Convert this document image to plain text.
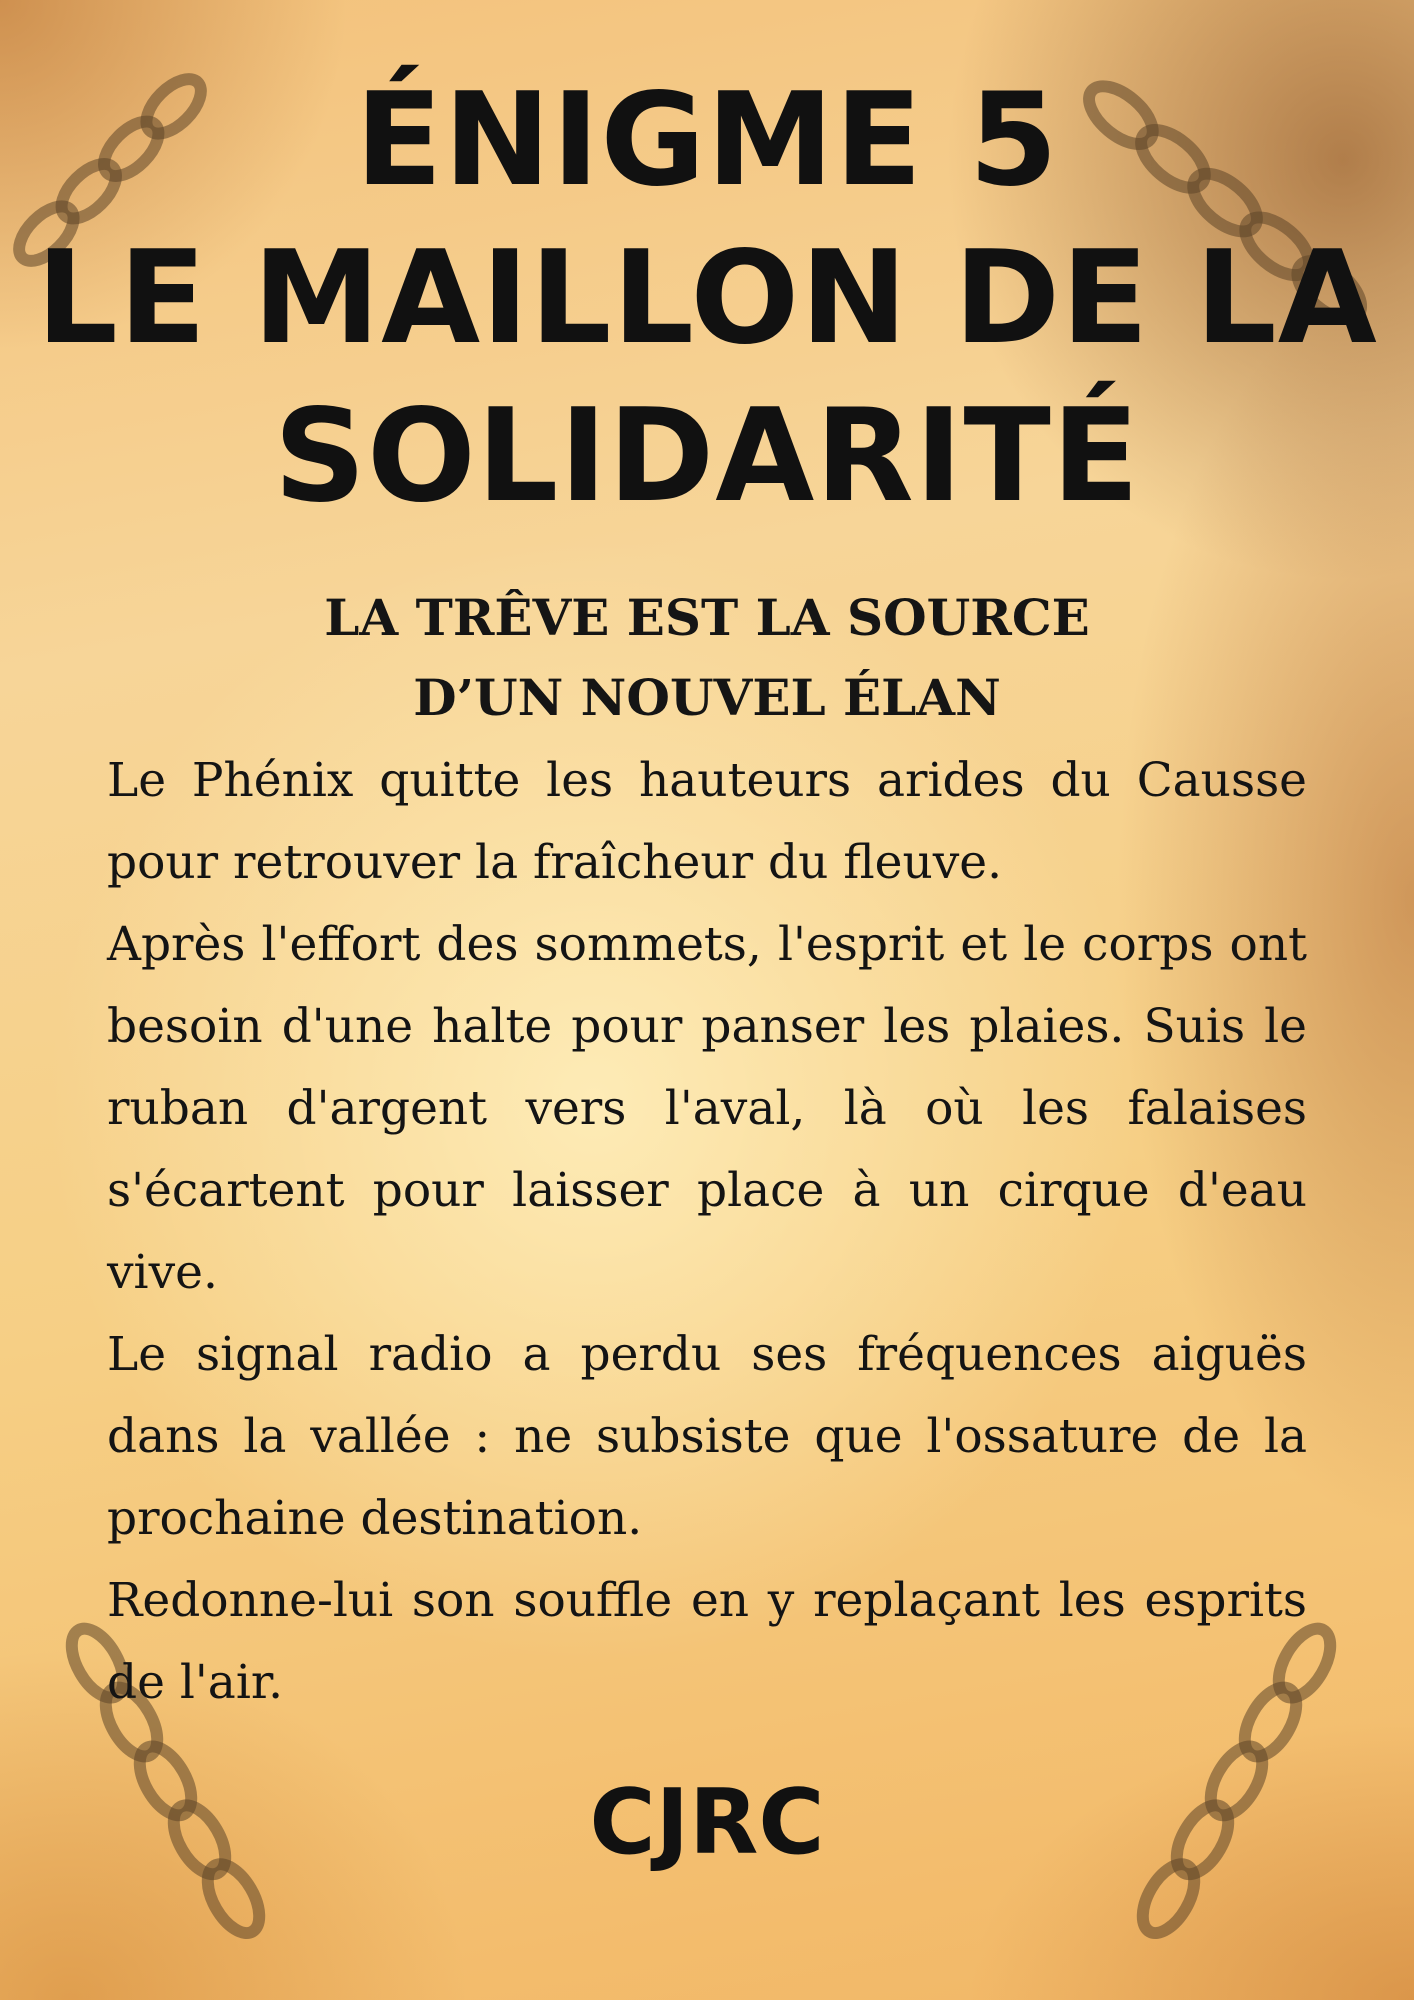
ÉNIGME 5
LE MAILLON DE LA
SOLIDARITÉ
LA TRÊVE EST LA SOURCE
D’UN NOUVEL ÉLAN

Le Phénix quitte les hauteurs arides du Causse pour retrouver la fraîcheur du fleuve.

Après l'effort des sommets, l'esprit et le corps ont besoin d'une halte pour panser les plaies. Suis le ruban d'argent vers l'aval, là où les falaises s'écartent pour laisser place à un cirque d'eau vive.

Le signal radio a perdu ses fréquences aiguës dans la vallée : ne subsiste que l'ossature de la prochaine destination.

Redonne-lui son souffle en y replaçant les esprits de l'air.

CJRC
